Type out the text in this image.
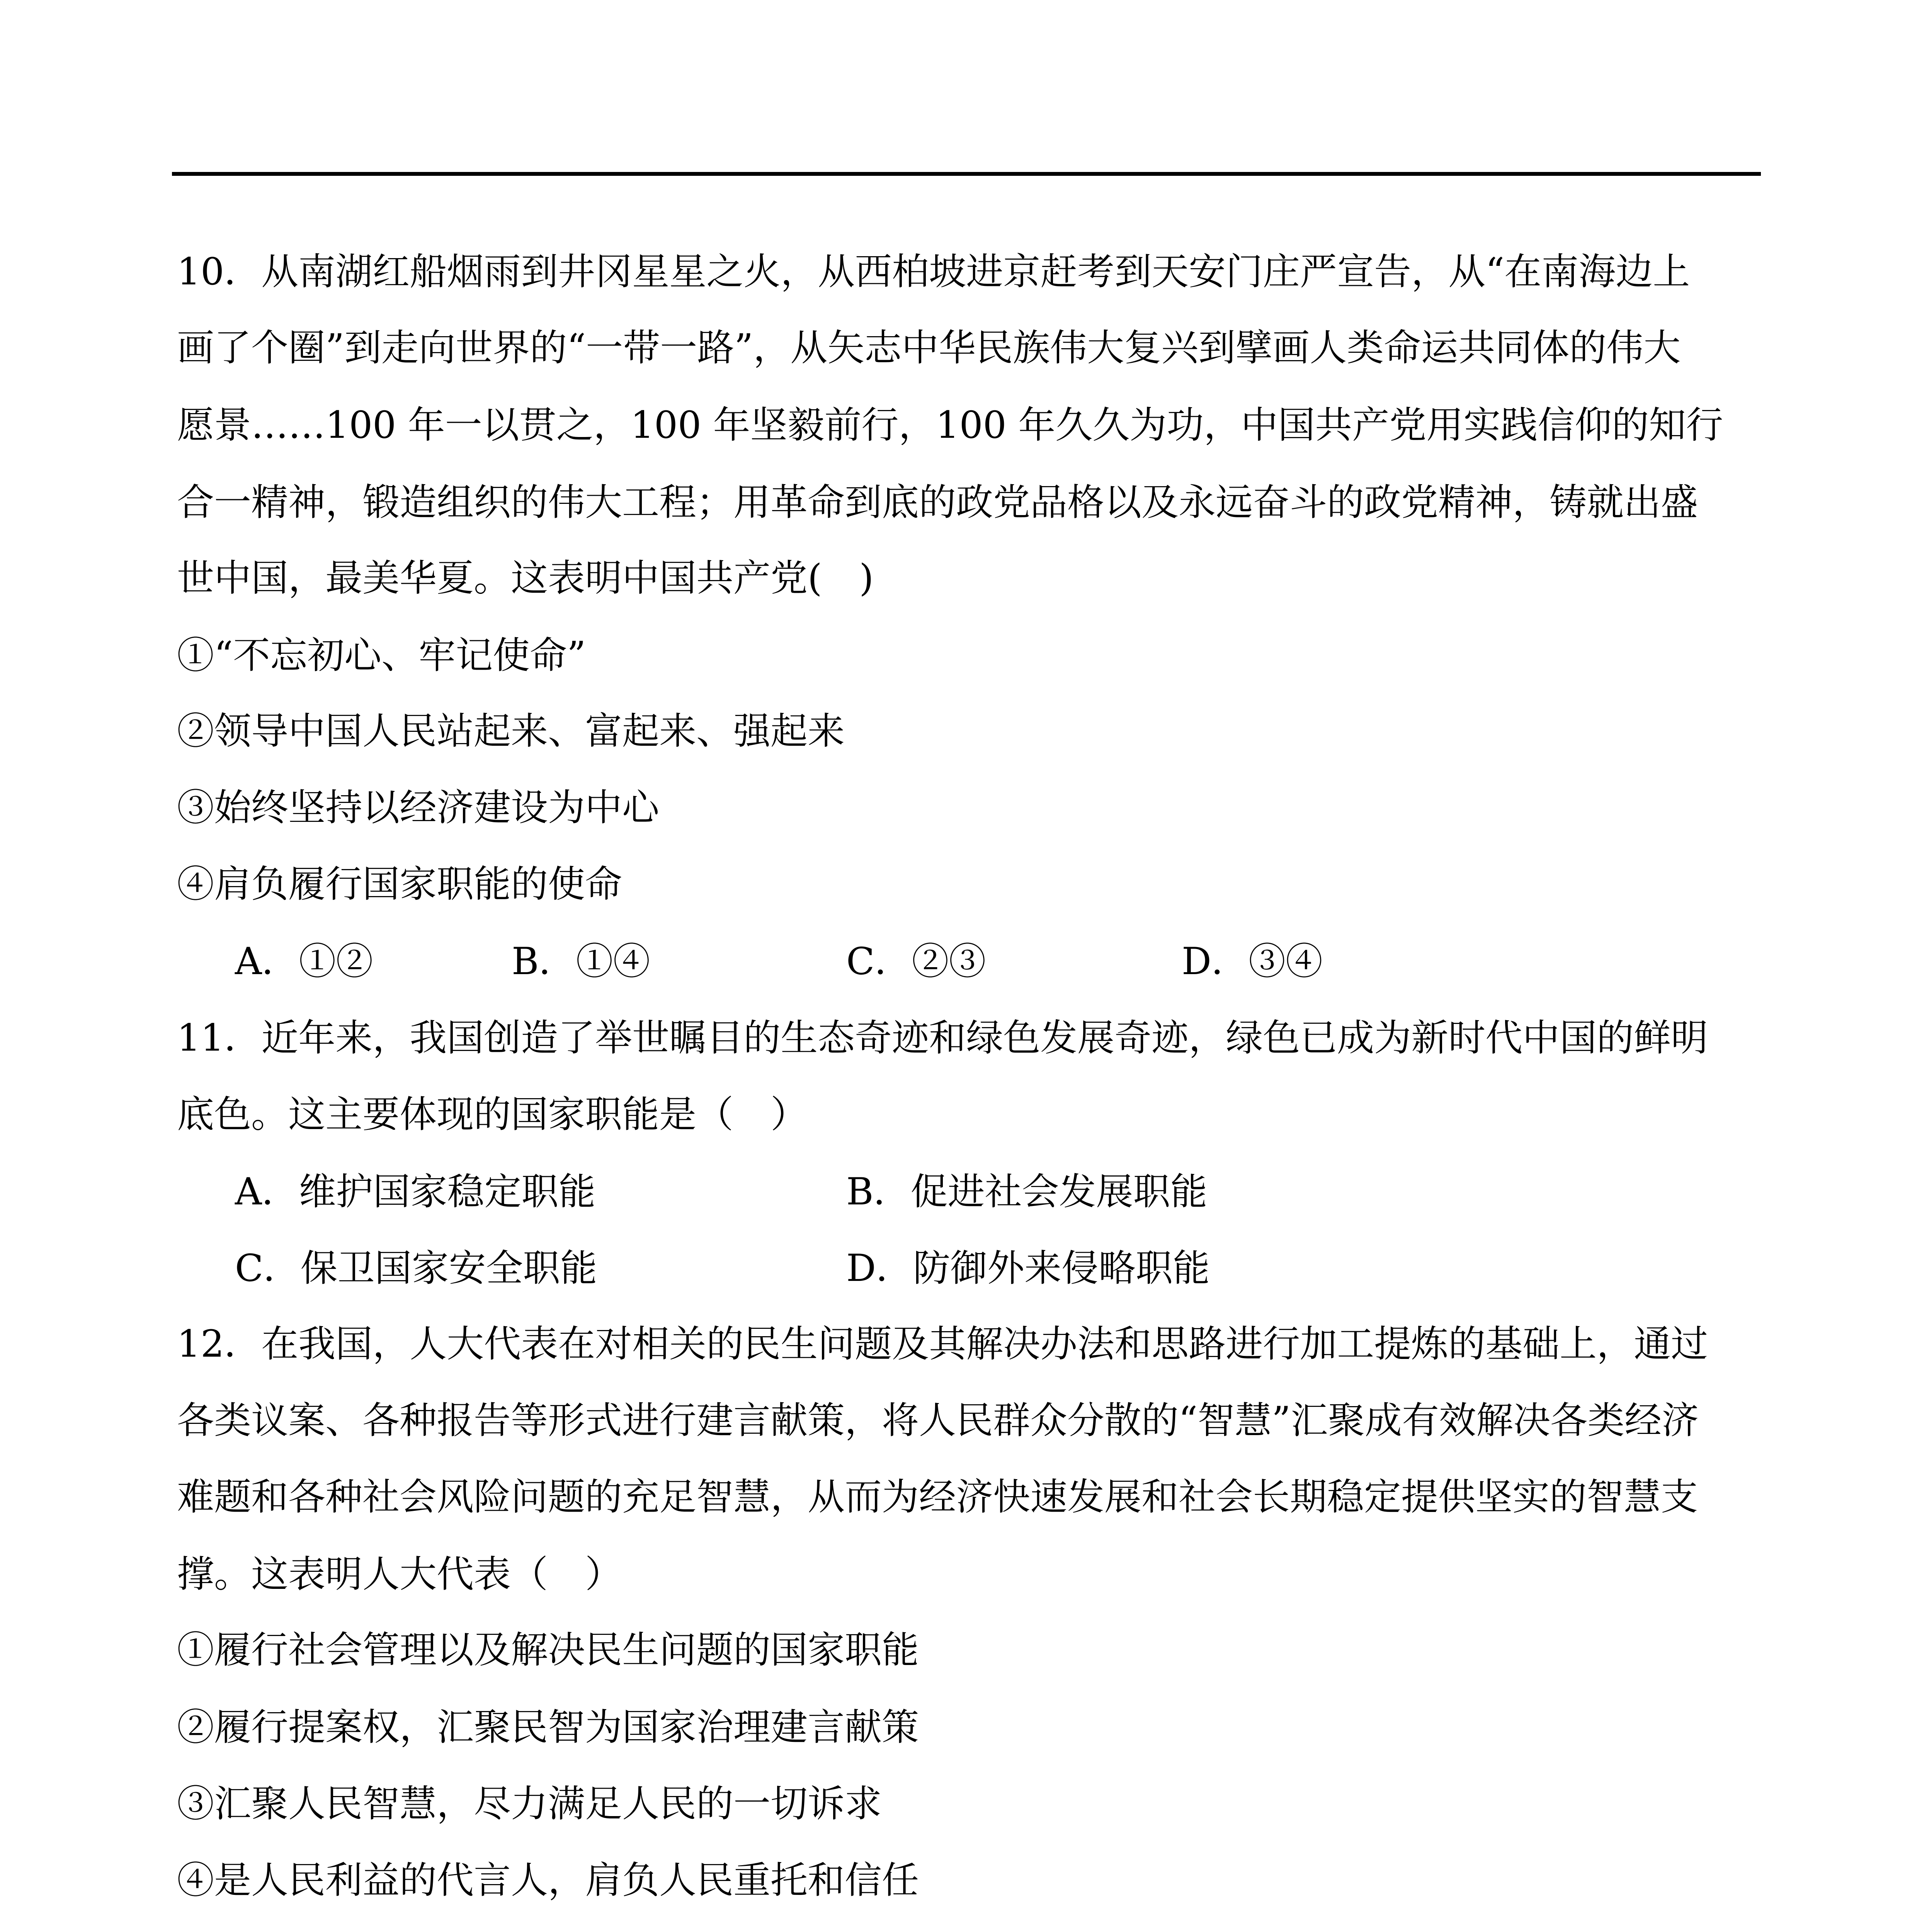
10．从南湖红船烟雨到井冈星星之火，从西柏坡进京赶考到天安门庄严宣告，从“在南海边上
画了个圈”到走向世界的“一带一路”，从矢志中华民族伟大复兴到擘画人类命运共同体的伟大
愿景……100 年一以贯之，100 年坚毅前行，100 年久久为功，中国共产党用实践信仰的知行
合一精神，锻造组织的伟大工程；用革命到底的政党品格以及永远奋斗的政党精神，铸就出盛
世中国，最美华夏。这表明中国共产党(　)
①“不忘初心、牢记使命”
②领导中国人民站起来、富起来、强起来
③始终坚持以经济建设为中心
④肩负履行国家职能的使命
A．①②	B．①④	C．②③	D．③④
11．近年来，我国创造了举世瞩目的生态奇迹和绿色发展奇迹，绿色已成为新时代中国的鲜明
底色。这主要体现的国家职能是（　）
A．维护国家稳定职能	B．促进社会发展职能
C．保卫国家安全职能	D．防御外来侵略职能
12．在我国，人大代表在对相关的民生问题及其解决办法和思路进行加工提炼的基础上，通过
各类议案、各种报告等形式进行建言献策，将人民群众分散的“智慧”汇聚成有效解决各类经济
难题和各种社会风险问题的充足智慧，从而为经济快速发展和社会长期稳定提供坚实的智慧支
撑。这表明人大代表（　）
①履行社会管理以及解决民生问题的国家职能
②履行提案权，汇聚民智为国家治理建言献策
③汇聚人民智慧，尽力满足人民的一切诉求
④是人民利益的代言人，肩负人民重托和信任
